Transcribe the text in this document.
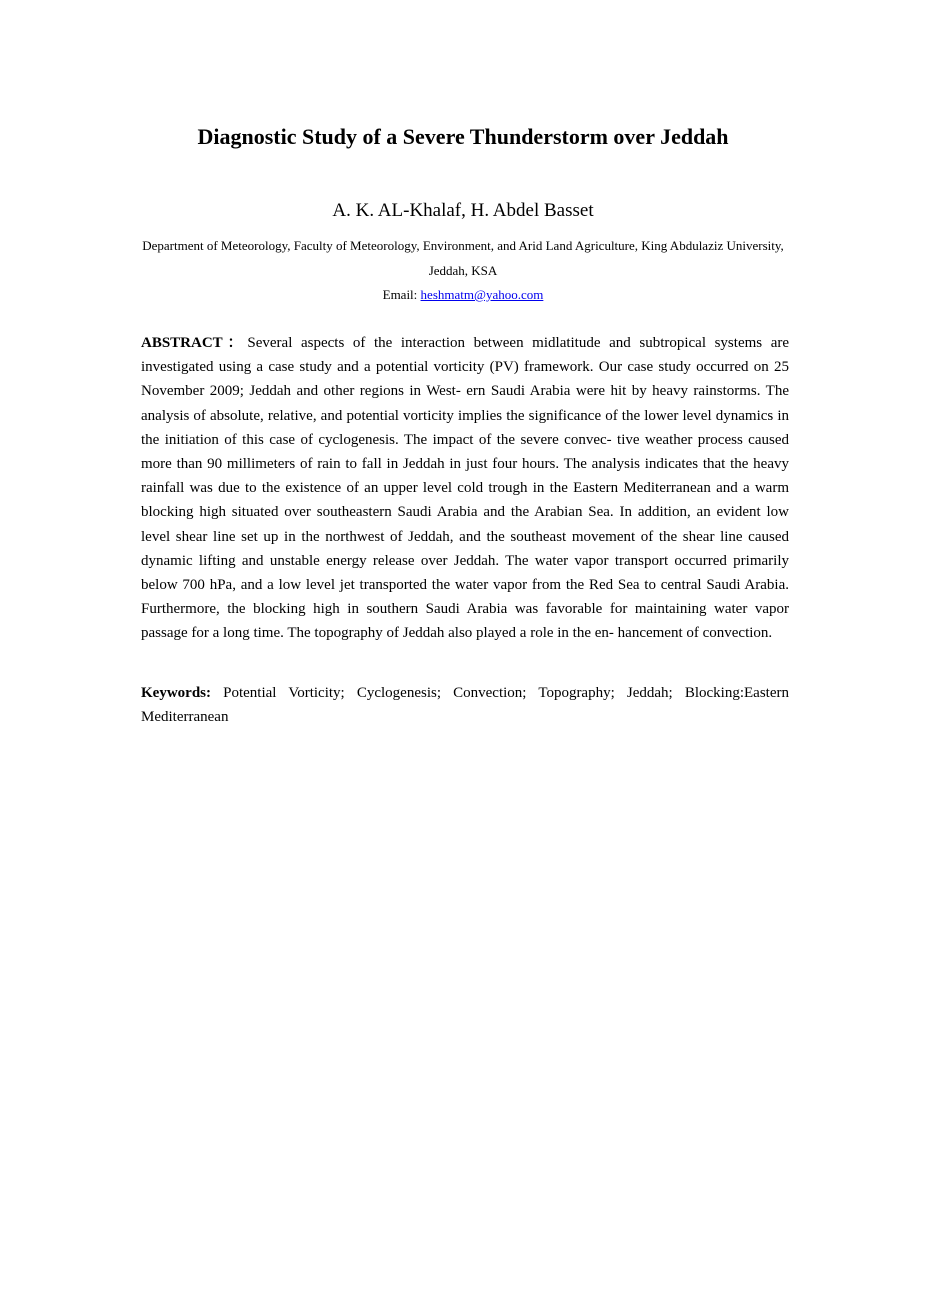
Diagnostic Study of a Severe Thunderstorm over Jeddah
A. K. AL-Khalaf, H. Abdel Basset
Department of Meteorology, Faculty of Meteorology, Environment, and Arid Land Agriculture, King Abdulaziz University, Jeddah, KSA
Email: heshmatm@yahoo.com

ABSTRACT：Several aspects of the interaction between midlatitude and subtropical systems are investigated using a case study and a potential vorticity (PV) framework. Our case study occurred on 25 November 2009; Jeddah and other regions in West- ern Saudi Arabia were hit by heavy rainstorms. The analysis of absolute, relative, and potential vorticity implies the significance of the lower level dynamics in the initiation of this case of cyclogenesis. The impact of the severe convec- tive weather process caused more than 90 millimeters of rain to fall in Jeddah in just four hours. The analysis indicates that the heavy rainfall was due to the existence of an upper level cold trough in the Eastern Mediterranean and a warm blocking high situated over southeastern Saudi Arabia and the Arabian Sea. In addition, an evident low level shear line set up in the northwest of Jeddah, and the southeast movement of the shear line caused dynamic lifting and unstable energy release over Jeddah. The water vapor transport occurred primarily below 700 hPa, and a low level jet transported the water vapor from the Red Sea to central Saudi Arabia. Furthermore, the blocking high in southern Saudi Arabia was favorable for maintaining water vapor passage for a long time. The topography of Jeddah also played a role in the en- hancement of convection.

Keywords: Potential Vorticity; Cyclogenesis; Convection; Topography; Jeddah; Blocking:Eastern Mediterranean
